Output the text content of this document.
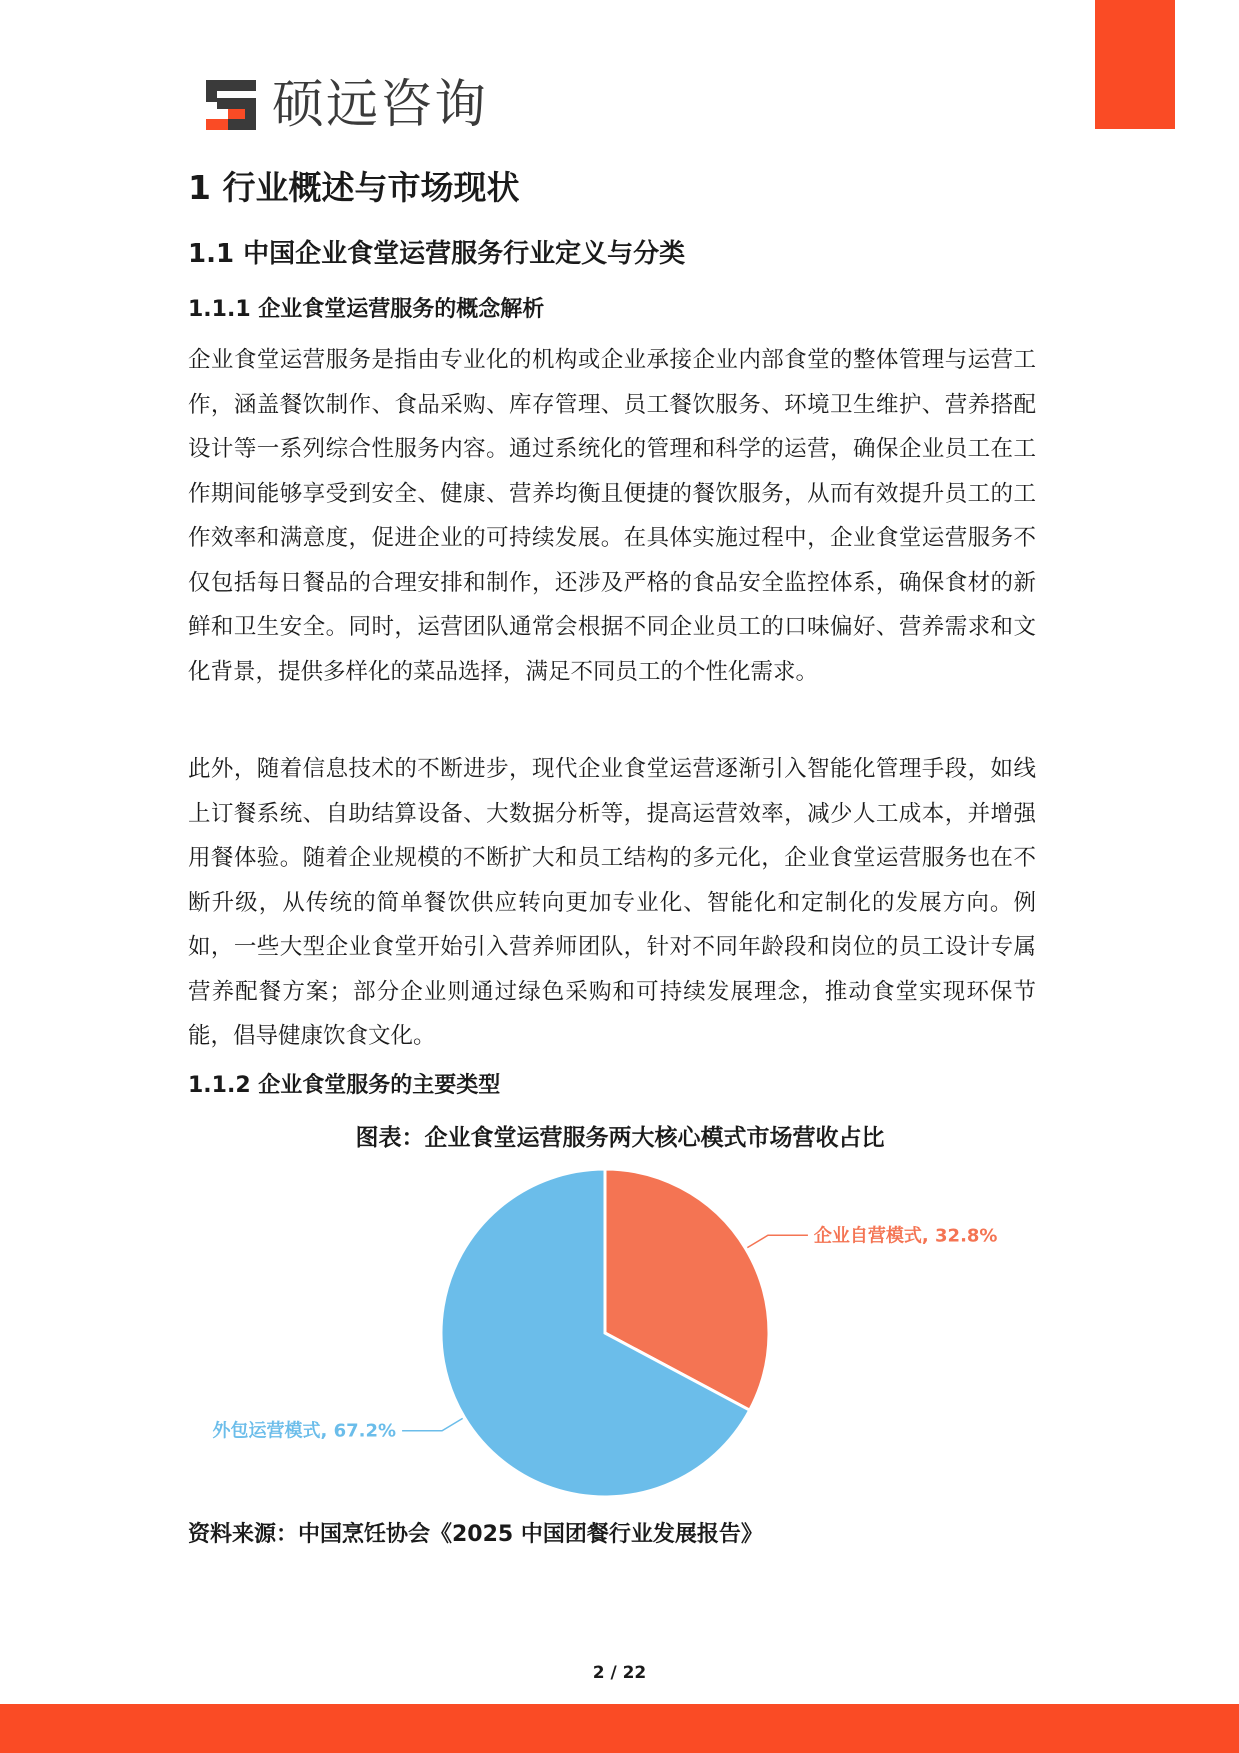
硕远咨询
1 行业概述与市场现状
1.1 中国企业食堂运营服务行业定义与分类
1.1.1 企业食堂运营服务的概念解析

企业食堂运营服务是指由专业化的机构或企业承接企业内部食堂的整体管理与运营工作，涵盖餐饮制作、食品采购、库存管理、员工餐饮服务、环境卫生维护、营养搭配设计等一系列综合性服务内容。通过系统化的管理和科学的运营，确保企业员工在工作期间能够享受到安全、健康、营养均衡且便捷的餐饮服务，从而有效提升员工的工作效率和满意度，促进企业的可持续发展。在具体实施过程中，企业食堂运营服务不仅包括每日餐品的合理安排和制作，还涉及严格的食品安全监控体系，确保食材的新鲜和卫生安全。同时，运营团队通常会根据不同企业员工的口味偏好、营养需求和文化背景，提供多样化的菜品选择，满足不同员工的个性化需求。

此外，随着信息技术的不断进步，现代企业食堂运营逐渐引入智能化管理手段，如线上订餐系统、自助结算设备、大数据分析等，提高运营效率，减少人工成本，并增强用餐体验。随着企业规模的不断扩大和员工结构的多元化，企业食堂运营服务也在不断升级，从传统的简单餐饮供应转向更加专业化、智能化和定制化的发展方向。例如，一些大型企业食堂开始引入营养师团队，针对不同年龄段和岗位的员工设计专属营养配餐方案；部分企业则通过绿色采购和可持续发展理念，推动食堂实现环保节能，倡导健康饮食文化。

1.1.2 企业食堂服务的主要类型
图表：企业食堂运营服务两大核心模式市场营收占比
企业自营模式, 32.8%
外包运营模式, 67.2%
资料来源：中国烹饪协会《2025 中国团餐行业发展报告》
2 / 22
